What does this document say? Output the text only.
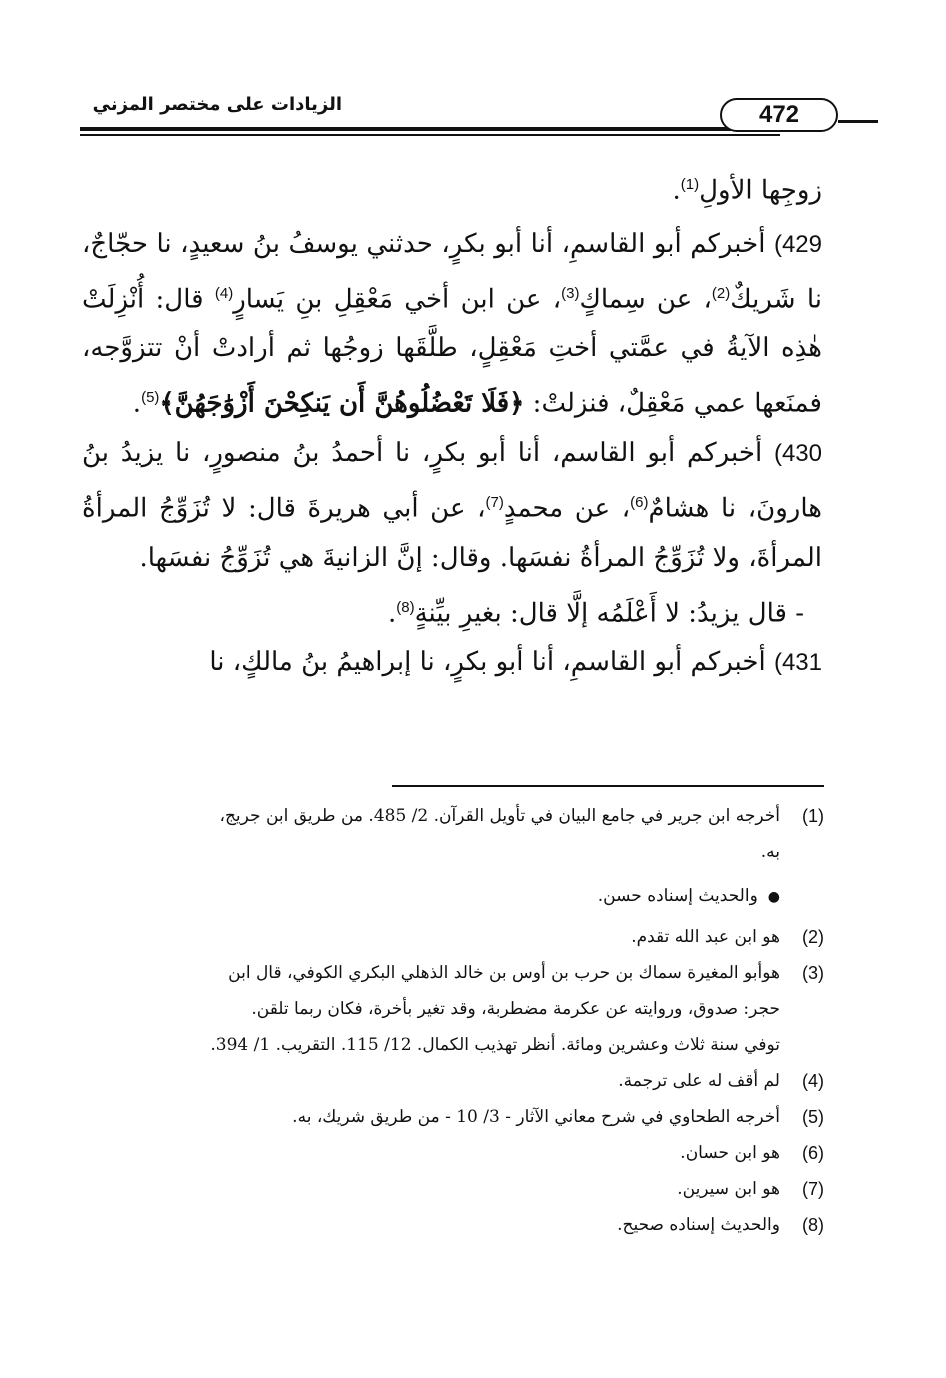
472
الزيادات على مختصر المزني

زوجِها الأولِ$^{(1)}$.

429) أخبركم أبو القاسمِ، أنا أبو بكرٍ، حدثني يوسفُ بنُ سعيدٍ، نا حجّاجٌ، نا شَريكٌ$^{(2)}$، عن سِماكٍ$^{(3)}$، عن ابن أخي مَعْقِلِ بنِ يَسارٍ$^{(4)}$ قال: أُنْزِلَتْ هٰذِه الآيةُ في عمَّتي أختِ مَعْقِلٍ، طلَّقَها زوجُها ثم أرادتْ أنْ تتزوَّجه، فمنَعها عمي مَعْقِلٌ، فنزلتْ: ﴿فَلَا تَعْضُلُوهُنَّ أَن يَنكِحْنَ أَزْوَٰجَهُنَّ﴾$^{(5)}$.

430) أخبركم أبو القاسم، أنا أبو بكرٍ، نا أحمدُ بنُ منصورٍ، نا يزيدُ بنُ هارونَ، نا هشامٌ$^{(6)}$، عن محمدٍ$^{(7)}$، عن أبي هريرةَ قال: لا تُزَوِّجُ المرأةُ المرأةَ، ولا تُزَوِّجُ المرأةُ نفسَها. وقال: إنَّ الزانيةَ هي تُزَوِّجُ نفسَها.

- قال يزيدُ: لا أَعْلَمُه إلَّا قال: بغيرِ بيِّنةٍ$^{(8)}$.

431) أخبركم أبو القاسمِ، أنا أبو بكرٍ، نا إبراهيمُ بنُ مالكٍ، نا

(1)
أخرجه ابن جرير في جامع البيان في تأويل القرآن. 2/ 485. من طريق ابن جريج،
به.
●والحديث إسناده حسن.
(2)
هو ابن عبد الله تقدم.
(3)
هوأبو المغيرة سماك بن حرب بن أوس بن خالد الذهلي البكري الكوفي، قال ابن
حجر: صدوق، وروايته عن عكرمة مضطربة، وقد تغير بأخرة، فكان ربما تلقن.
توفي سنة ثلاث وعشرين ومائة. أنظر تهذيب الكمال. 12/ 115. التقريب. 1/ 394.
(4)
لم أقف له على ترجمة.
(5)
أخرجه الطحاوي في شرح معاني الآثار - 3/ 10 - من طريق شريك، به.
(6)
هو ابن حسان.
(7)
هو ابن سيرين.
(8)
والحديث إسناده صحيح.
